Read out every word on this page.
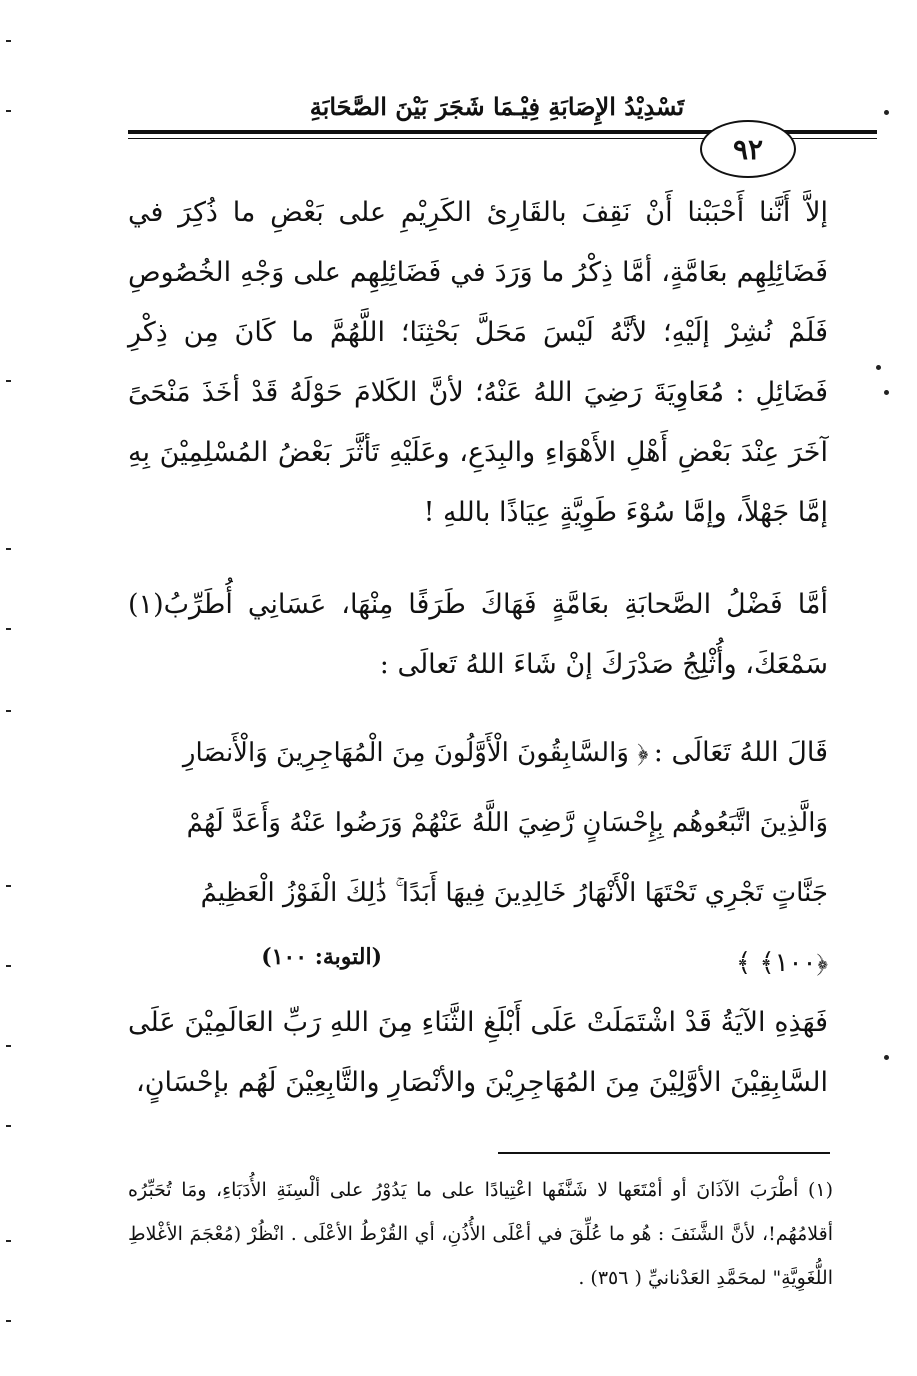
تَسْدِيْدُ الإِصَابَةِ فِيْـمَا شَجَرَ بَيْنَ الصَّحَابَةِ
٩٢
إلاَّ أَنَّنا أَحْبَبْنا أَنْ نَقِفَ بالقَارِئ الكَرِيْمِ على بَعْضِ ما ذُكِرَ في فَضَائِلِهِم بعَامَّةٍ، أمَّا ذِكْرُ ما وَرَدَ في فَضَائِلِهِم على وَجْهِ الخُصُوصِ فَلَمْ نُشِرْ إلَيْهِ؛ لأنَّهُ لَيْسَ مَحَلَّ بَحْثِنَا؛ اللَّهُمَّ ما كَانَ مِن ذِكْرِ فَضَائِلِ : مُعَاوِيَةَ رَضِيَ اللهُ عَنْهُ؛ لأنَّ الكَلامَ حَوْلَهُ قَدْ أخَذَ مَنْحَىً آخَرَ عِنْدَ بَعْضِ أَهْلِ الأَهْوَاءِ والبِدَعِ، وعَلَيْهِ تَأثَّرَ بَعْضُ المُسْلِمِيْنَ بِهِ إمَّا جَهْلاً، وإمَّا سُوْءَ طَوِيَّةٍ عِيَاذًا باللهِ !
أمَّا فَضْلُ الصَّحابَةِ بعَامَّةٍ فَهَاكَ طَرَفًا مِنْهَا، عَسَانِي أُطَرِّبُ(١) سَمْعَكَ، وأُثْلِجُ صَدْرَكَ إنْ شَاءَ اللهُ تَعالَى :
قَالَ اللهُ تَعَالَى : ﴿ وَالسَّابِقُونَ الْأَوَّلُونَ مِنَ الْمُهَاجِرِينَ وَالْأَنصَارِ وَالَّذِينَ اتَّبَعُوهُم بِإِحْسَانٍ رَّضِيَ اللَّهُ عَنْهُمْ وَرَضُوا عَنْهُ وَأَعَدَّ لَهُمْ جَنَّاتٍ تَجْرِي تَحْتَهَا الْأَنْهَارُ خَالِدِينَ فِيهَا أَبَدًا ۚ ذَٰلِكَ الْفَوْزُ الْعَظِيمُ ﴿١٠٠﴾ ﴾
(التوبة: ١٠٠)
فَهَذِهِ الآيَةُ قَدْ اشْتَمَلَتْ عَلَى أَبْلَغِ الثَّنَاءِ مِنَ اللهِ رَبِّ العَالَمِيْنَ عَلَى السَّابِقِيْنَ الأوَّلِيْنَ مِنَ المُهَاجِرِيْنَ والأنْصَارِ والتَّابِعِيْنَ لَهُم بإحْسَانٍ،
(١) أطْرَبَ الآذَانَ أو أمْتَعَها لا شَنَّفَها اعْتِيادًا على ما يَدُوْرُ على ألْسِنَةِ الأُدَبَاءِ، ومَا تُحَبِّرُه أقلامُهُم!، لأنَّ الشَّنَفَ : هُو ما عُلِّقَ في أعْلَى الأُذُنِ، أي القُرْطُ الأعْلَى . انْظُرْ (مُعْجَمَ الأغْلاطِ اللُّغَوِيَّةِ" لمحَمَّدِ العَدْنانيِّ ( ٣٥٦) .
